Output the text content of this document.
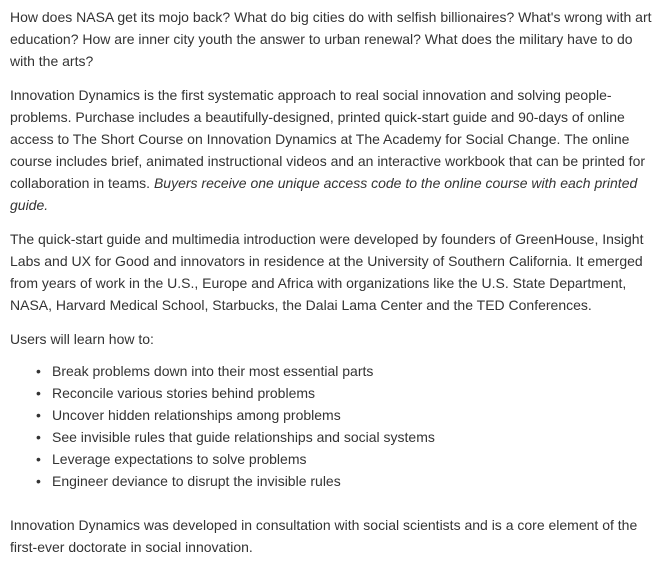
How does NASA get its mojo back? What do big cities do with selfish billionaires? What's wrong with art education? How are inner city youth the answer to urban renewal? What does the military have to do with the arts?

Innovation Dynamics is the first systematic approach to real social innovation and solving people-problems. Purchase includes a beautifully-designed, printed quick-start guide and 90-days of online access to The Short Course on Innovation Dynamics at The Academy for Social Change. The online course includes brief, animated instructional videos and an interactive workbook that can be printed for collaboration in teams. Buyers receive one unique access code to the online course with each printed guide.

The quick-start guide and multimedia introduction were developed by founders of GreenHouse, Insight Labs and UX for Good and innovators in residence at the University of Southern California. It emerged from years of work in the U.S., Europe and Africa with organizations like the U.S. State Department, NASA, Harvard Medical School, Starbucks, the Dalai Lama Center and the TED Conferences.

Users will learn how to:

• Break problems down into their most essential parts
• Reconcile various stories behind problems
• Uncover hidden relationships among problems
• See invisible rules that guide relationships and social systems
• Leverage expectations to solve problems
• Engineer deviance to disrupt the invisible rules

Innovation Dynamics was developed in consultation with social scientists and is a core element of the first-ever doctorate in social innovation.
